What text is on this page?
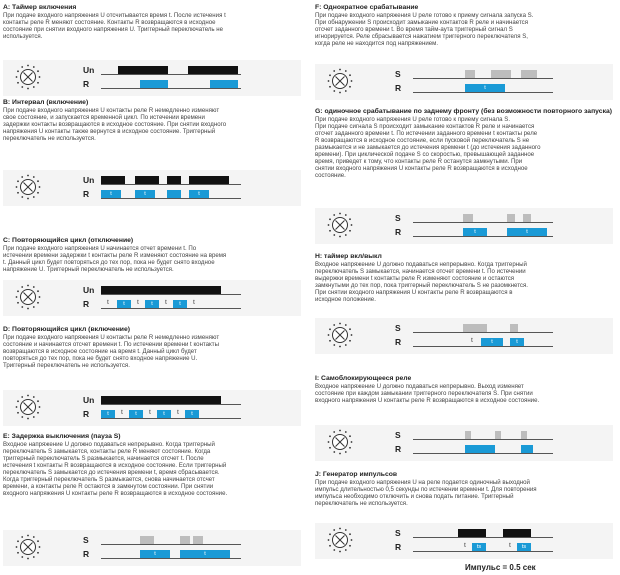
A: Таймер включения

При подаче входного напряжения U отсчитывается время t. После истечения t
контакты реле R меняют состояние. Контакты R возвращаются в исходное
состояние при снятии входного напряжения U. Триггерный переключатель не
используется.

Un
R
B: Интервал (включение)

При подаче входного напряжения U контакты реле R немедленно изменяют
свое состояние, и запускается временной цикл. По истечении времени
задержки контакты возвращаются в исходное состояние. При снятии входного
напряжения U контакты также вернутся в исходное состояние. Триггерный
переключатель не используется.

Un
R	t	t	t
C: Повторяющийся цикл (отключение)

При подаче входного напряжения U начинается отчет времени t. По
истечении времени задержки t контакты реле R изменяют состояние на время
t. Данный цикл будет повторяться до тех пор, пока не будет снято входное
напряжение U. Триггерный переключатель не используется.

Un
R	t	t	t
t	t	t	t
D: Повторяющийся цикл (включение)

При подаче входного напряжения U контакты реле R немедленно изменяют
состояние и начинается отсчет времени t. По истечении времени t контакты
возвращаются в исходное состояние на время t. Данный цикл будет
повторяться до тех пор, пока не будет снято входное напряжение U.
Триггерный переключатель не используется.

Un
R	t	t	t	t
t	t	t
E: Задержка выключения (пауза S)

Входное напряжение U должно подаваться непрерывно. Когда триггерный
переключатель S замыкается, контакты реле R меняют состояние. Когда
триггерный переключатель S размыкается, начинается отсчет t. После
истечения t контакты R возвращаются в исходное состояние. Если триггерный
переключатель S замыкается до истечения времени t, время сбрасывается.
Когда триггерный переключатель S размыкается, снова начинается отсчет
времени, а контакты реле R остаются в замкнутом состоянии. При снятии
входного напряжения U контакты реле R возвращаются в исходное состояние.

S
R	t	t
F: Однократное срабатывание

При подаче входного напряжения U реле готово к приему сигнала запуска S.
При обнаружении S происходит замыкание контактов R реле и начинается
отсчет заданного времени t. Во время тайм-аута триггерный сигнал S
игнорируется. Реле сбрасывается нажатием триггерного переключателя S,
когда реле не находится под напряжением.

S
R	t
G: одиночное срабатывание по заднему фронту (без возможности повторного запуска)

При подаче входного напряжения U реле готово к приему сигнала S.
При подаче сигнала S происходит замыкание контактов R реле и начинается
отсчет заданного времени t. По истечении заданного времени t контакты реле
R возвращаются в исходное состояние, если пусковой переключатель S не
размыкается и не замыкается до истечения времени t (до истечения заданного
времени). При циклической подаче S со скоростью, превышающей заданное
время, приведет к тому, что контакты реле R останутся замкнутыми. При
снятии входного напряжения U контакты реле R возвращаются в исходное
состояние.

S
R	t	t
H: таймер вкл/выкл

Входное напряжение U должно подаваться непрерывно. Когда триггерный
переключатель S замыкается, начинается отсчет времени t. По истечении
выдержки времени t контакты реле R изменяют состояние и остаются
замкнутыми до тех пор, пока триггерный переключатель S не разомкнется.
При снятии входного напряжения U контакты реле R возвращаются в
исходное положение.

S
R	t	t	t
I: Самоблокирующееся реле

Входное напряжение U должно подаваться непрерывно. Выход изменяет
состояние при каждом замыкании триггерного переключателя S. При снятии
входного напряжения U контакты реле R возвращаются в исходное состояние.

S
R
J: Генератор импульсов

При подаче входного напряжения U на реле подается одиночный выходной
импульс длительностью 0,5 секунды по истечении времени t. Для повторения
импульса необходимо отключить и снова подать питание. Триггерный
переключатель не используется.

S
R	t	ts	t	ts
Импульс = 0.5 сек
